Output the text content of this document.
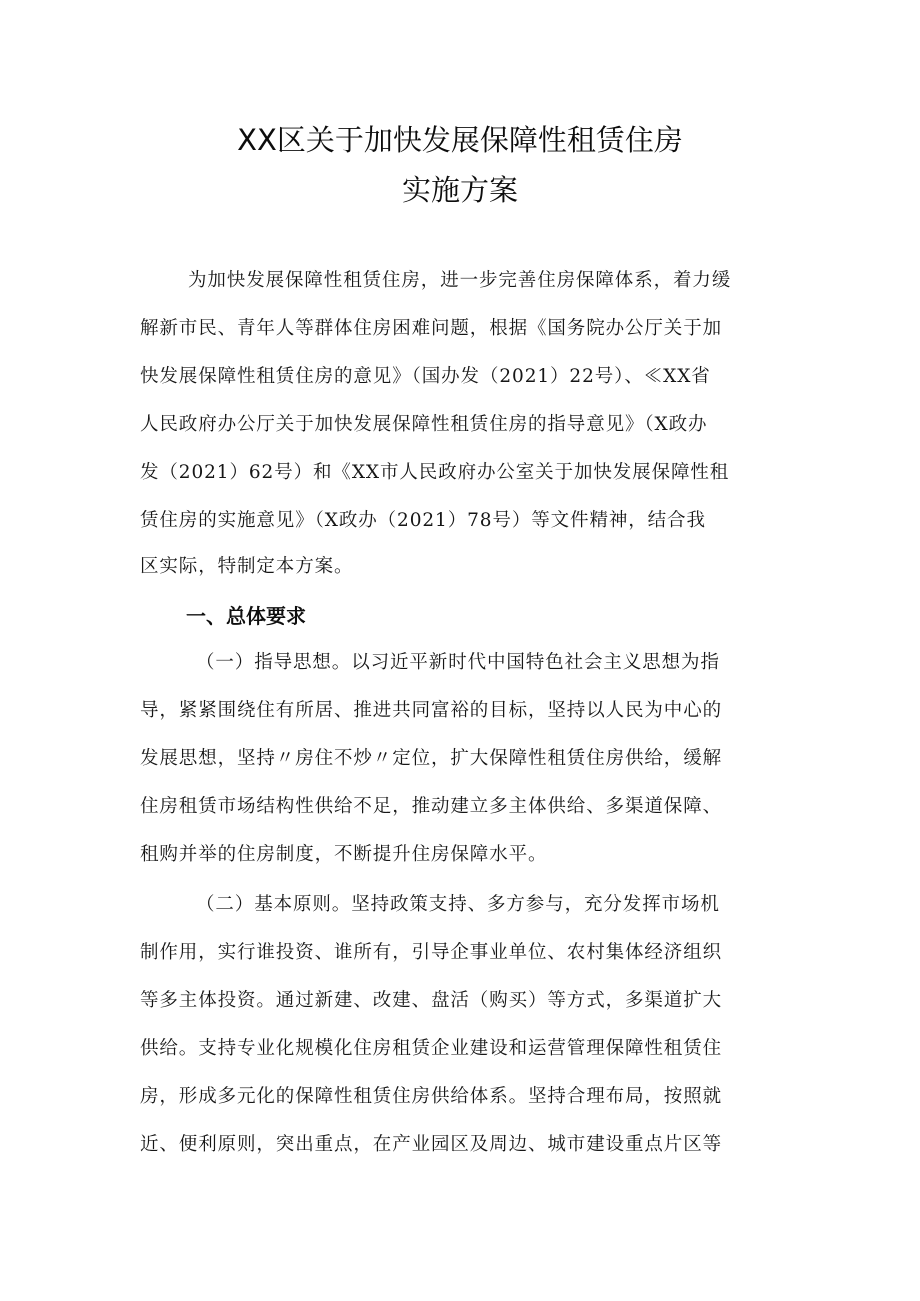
XX区关于加快发展保障性租赁住房
实施方案
为加快发展保障性租赁住房，进一步完善住房保障体系，着力缓
解新市民、青年人等群体住房困难问题，根据《国务院办公厅关于加
快发展保障性租赁住房的意见》（国办发（2021）22号）、≪XX省
人民政府办公厅关于加快发展保障性租赁住房的指导意见》（X政办
发（2021）62号）和《XX市人民政府办公室关于加快发展保障性租
赁住房的实施意见》（X政办（2021）78号）等文件精神，结合我
区实际，特制定本方案。
一、总体要求
（一）指导思想。以习近平新时代中国特色社会主义思想为指
导，紧紧围绕住有所居、推进共同富裕的目标，坚持以人民为中心的
发展思想，坚持〃房住不炒〃定位，扩大保障性租赁住房供给，缓解
住房租赁市场结构性供给不足，推动建立多主体供给、多渠道保障、
租购并举的住房制度，不断提升住房保障水平。
（二）基本原则。坚持政策支持、多方参与，充分发挥市场机
制作用，实行谁投资、谁所有，引导企事业单位、农村集体经济组织
等多主体投资。通过新建、改建、盘活（购买）等方式，多渠道扩大
供给。支持专业化规模化住房租赁企业建设和运营管理保障性租赁住
房，形成多元化的保障性租赁住房供给体系。坚持合理布局，按照就
近、便利原则，突出重点，在产业园区及周边、城市建设重点片区等
